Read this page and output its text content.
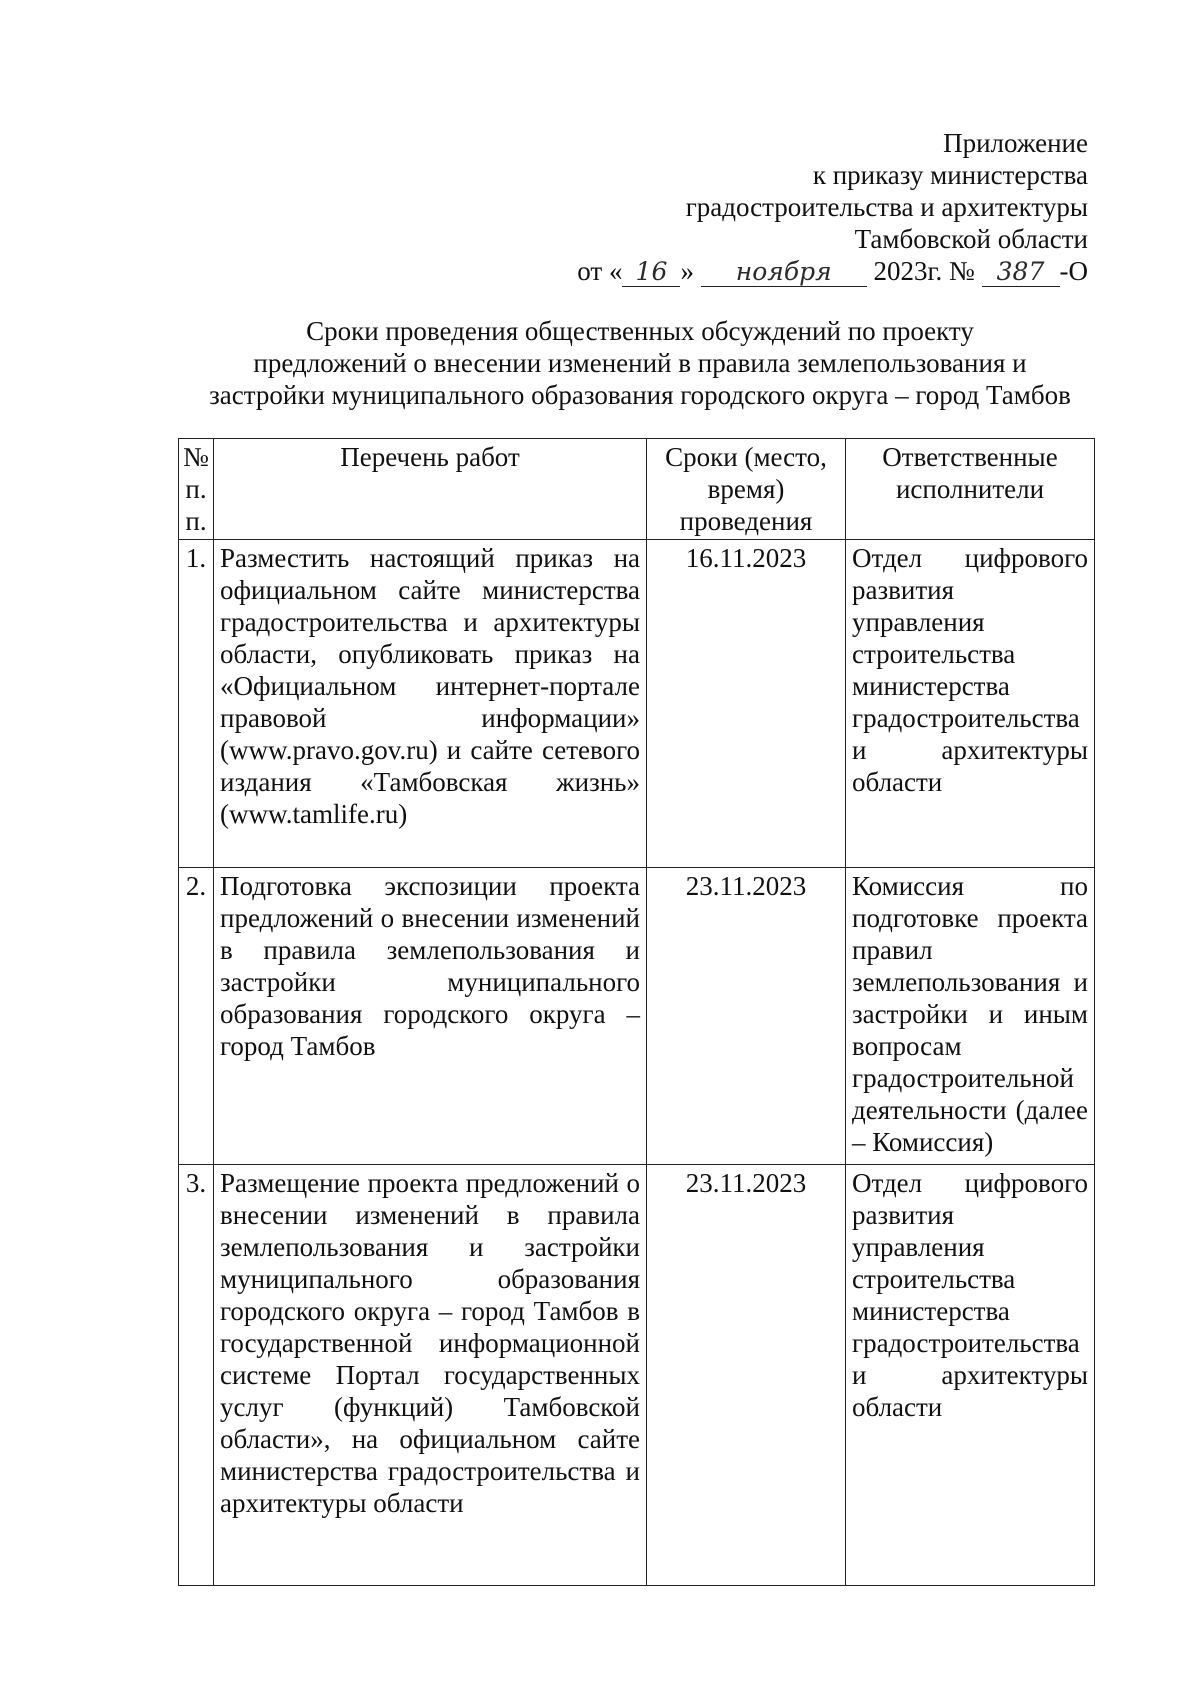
Приложение
к приказу министерства
градостроительства и архитектуры
Тамбовской области
от « 16 » ноября 2023г. № 387 -О
Сроки проведения общественных обсуждений по проекту
предложений о внесении изменений в правила землепользования и
застройки муниципального образования городского округа – город Тамбов
№ п. п.	Перечень работ	Сроки (место, время) проведения	Ответственные исполнители
1.	Разместить настоящий приказ на официальном сайте министерства градостроительства и архитектуры области, опубликовать приказ на «Официальном интернет-портале правовой информации» (www.pravo.gov.ru) и сайте сетевого издания «Тамбовская жизнь» (www.tamlife.ru)	16.11.2023	Отдел цифрового развития управления строительства министерства градостроительства и архитектуры области
2.	Подготовка экспозиции проекта предложений о внесении изменений в правила землепользования и застройки муниципального образования городского округа – город Тамбов	23.11.2023	Комиссия по подготовке проекта правил землепользования и застройки и иным вопросам градостроительной деятельности (далее – Комиссия)
3.	Размещение проекта предложений о внесении изменений в правила землепользования и застройки муниципального образования городского округа – город Тамбов в государственной информационной системе Портал государственных услуг (функций) Тамбовской области», на официальном сайте министерства градостроительства и архитектуры области	23.11.2023	Отдел цифрового развития управления строительства министерства градостроительства и архитектуры области
